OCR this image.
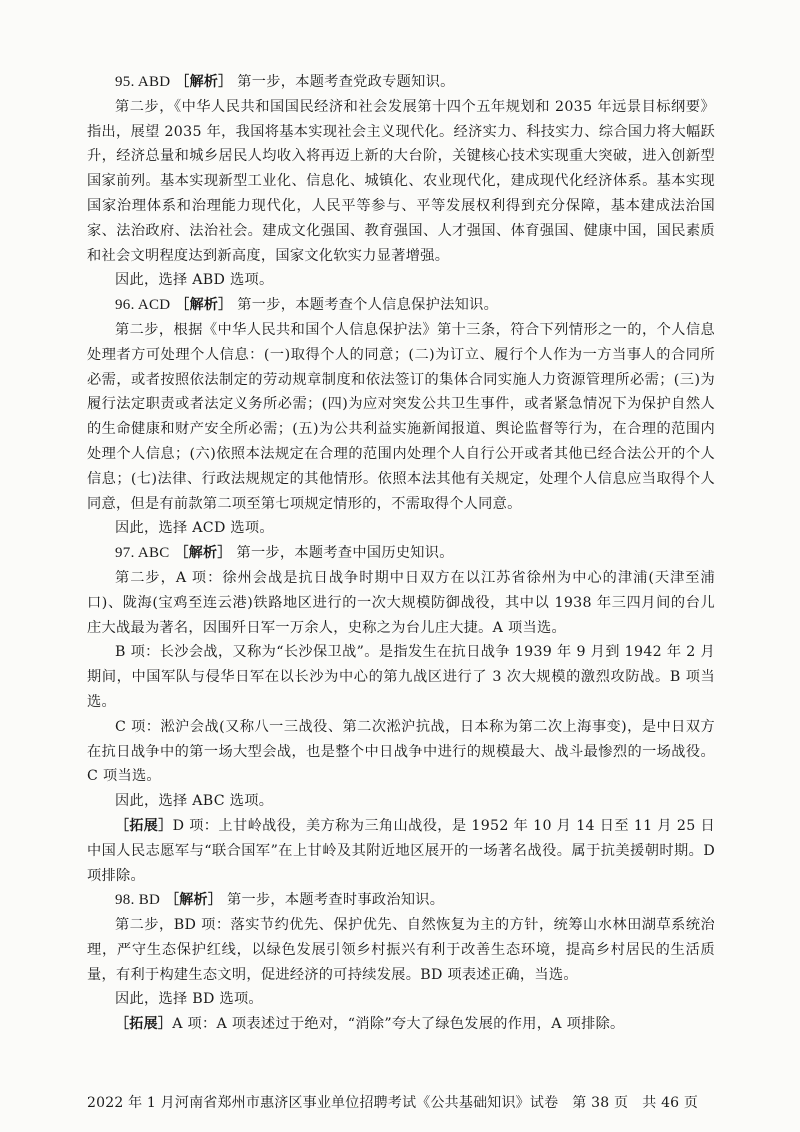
95. ABD ［解析］ 第一步，本题考查党政专题知识。

第二步，《中华人民共和国国民经济和社会发展第十四个五年规划和 2035 年远景目标纲要》指出，展望 2035 年，我国将基本实现社会主义现代化。经济实力、科技实力、综合国力将大幅跃升，经济总量和城乡居民人均收入将再迈上新的大台阶，关键核心技术实现重大突破，进入创新型国家前列。基本实现新型工业化、信息化、城镇化、农业现代化，建成现代化经济体系。基本实现国家治理体系和治理能力现代化，人民平等参与、平等发展权利得到充分保障，基本建成法治国家、法治政府、法治社会。建成文化强国、教育强国、人才强国、体育强国、健康中国，国民素质和社会文明程度达到新高度，国家文化软实力显著增强。

因此，选择 ABD 选项。

96. ACD ［解析］ 第一步，本题考查个人信息保护法知识。

第二步，根据《中华人民共和国个人信息保护法》第十三条，符合下列情形之一的，个人信息处理者方可处理个人信息：(一)取得个人的同意；(二)为订立、履行个人作为一方当事人的合同所必需，或者按照依法制定的劳动规章制度和依法签订的集体合同实施人力资源管理所必需；(三)为履行法定职责或者法定义务所必需；(四)为应对突发公共卫生事件，或者紧急情况下为保护自然人的生命健康和财产安全所必需；(五)为公共利益实施新闻报道、舆论监督等行为，在合理的范围内处理个人信息；(六)依照本法规定在合理的范围内处理个人自行公开或者其他已经合法公开的个人信息；(七)法律、行政法规规定的其他情形。依照本法其他有关规定，处理个人信息应当取得个人同意，但是有前款第二项至第七项规定情形的，不需取得个人同意。

因此，选择 ACD 选项。

97. ABC ［解析］ 第一步，本题考查中国历史知识。

第二步，A 项：徐州会战是抗日战争时期中日双方在以江苏省徐州为中心的津浦(天津至浦口)、陇海(宝鸡至连云港)铁路地区进行的一次大规模防御战役，其中以 1938 年三四月间的台儿庄大战最为著名，因围歼日军一万余人，史称之为台儿庄大捷。A 项当选。

B 项：长沙会战，又称为“长沙保卫战”。是指发生在抗日战争 1939 年 9 月到 1942 年 2 月期间，中国军队与侵华日军在以长沙为中心的第九战区进行了 3 次大规模的激烈攻防战。B 项当选。

C 项：淞沪会战(又称八一三战役、第二次淞沪抗战，日本称为第二次上海事变)，是中日双方在抗日战争中的第一场大型会战，也是整个中日战争中进行的规模最大、战斗最惨烈的一场战役。C 项当选。

因此，选择 ABC 选项。

［拓展］D 项：上甘岭战役，美方称为三角山战役，是 1952 年 10 月 14 日至 11 月 25 日中国人民志愿军与“联合国军”在上甘岭及其附近地区展开的一场著名战役。属于抗美援朝时期。D 项排除。

98. BD ［解析］ 第一步，本题考查时事政治知识。

第二步，BD 项：落实节约优先、保护优先、自然恢复为主的方针，统筹山水林田湖草系统治理，严守生态保护红线，以绿色发展引领乡村振兴有利于改善生态环境，提高乡村居民的生活质量，有利于构建生态文明，促进经济的可持续发展。BD 项表述正确，当选。

因此，选择 BD 选项。

［拓展］A 项：A 项表述过于绝对，“消除”夸大了绿色发展的作用，A 项排除。

2022 年 1 月河南省郑州市惠济区事业单位招聘考试《公共基础知识》试卷 第 38 页 共 46 页
